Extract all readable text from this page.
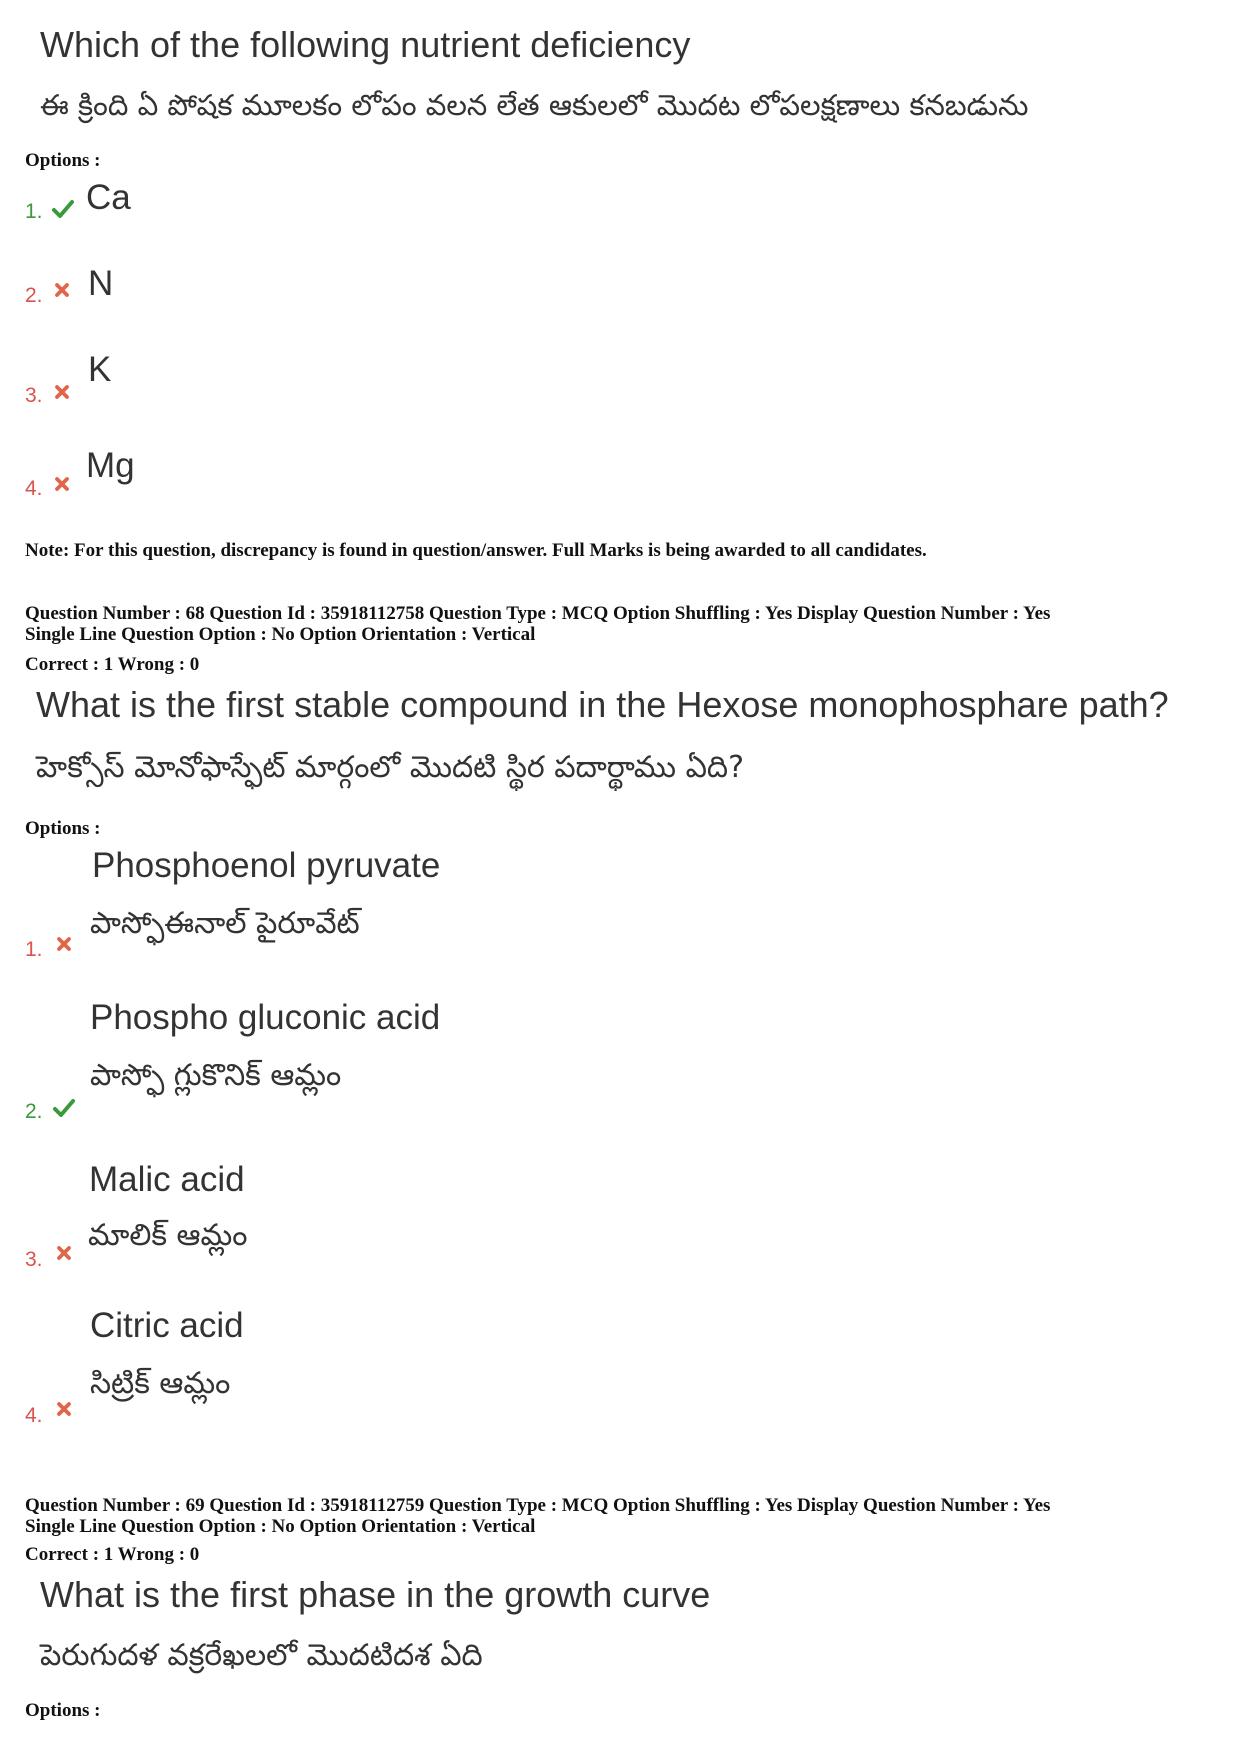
Which of the following nutrient deficiency
ఈ క్రింది ఏ పోషక మూలకం లోపం వలన లేత ఆకులలో మొదట లోపలక్షణాలు కనబడును
Options :
1. Ca
2. N
3.
K
4.
Mg
Note: For this question, discrepancy is found in question/answer. Full Marks is being awarded to all candidates.
Question Number : 68 Question Id : 35918112758 Question Type : MCQ Option Shuffling : Yes Display Question Number : Yes
Single Line Question Option : No Option Orientation : Vertical
Correct : 1 Wrong : 0
What is the first stable compound in the Hexose monophosphare path?
హెక్సోస్ మోనోఫాస్ఫేట్ మార్గంలో మొదటి స్థిర పదార్థాము ఏది?
Options :
Phosphoenol pyruvate
పాస్ఫోఈనాల్ పైరూవేట్
1.
Phospho gluconic acid
పాస్ఫో గ్లుకొనిక్ ఆమ్లం
2.
Malic acid
మాలిక్ ఆమ్లం
3.
Citric acid
సిట్రిక్ ఆమ్లం
4.
Question Number : 69 Question Id : 35918112759 Question Type : MCQ Option Shuffling : Yes Display Question Number : Yes
Single Line Question Option : No Option Orientation : Vertical
Correct : 1 Wrong : 0
What is the first phase in the growth curve
పెరుగుదళ వక్రరేఖలలో మొదటిదశ ఏది
Options :
